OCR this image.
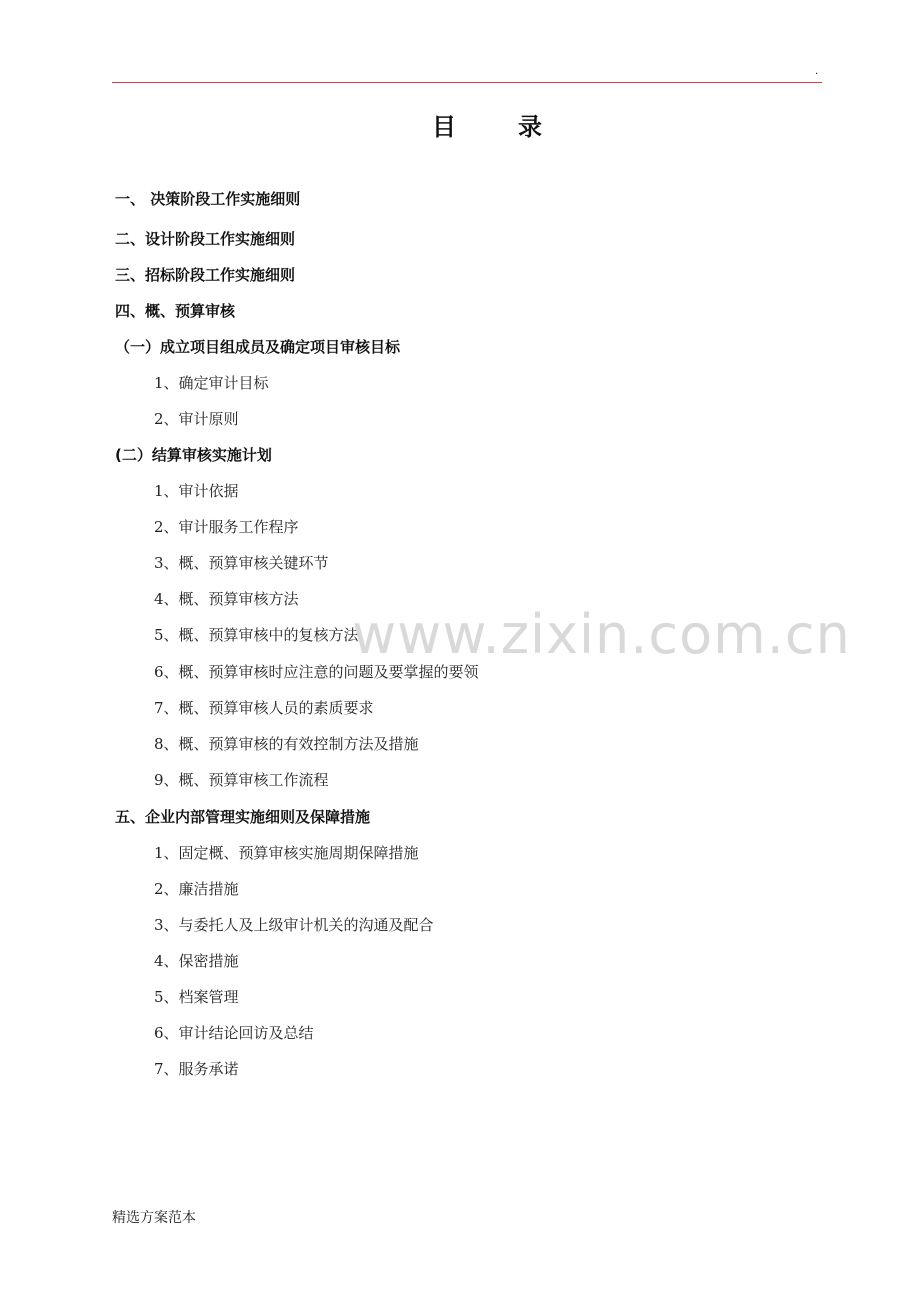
.
目	录
一、 决策阶段工作实施细则
二、设计阶段工作实施细则
三、招标阶段工作实施细则
四、概、预算审核
（一）成立项目组成员及确定项目审核目标
1、确定审计目标
2、审计原则
(二）结算审核实施计划
1、审计依据
2、审计服务工作程序
3、概、预算审核关键环节
4、概、预算审核方法
5、概、预算审核中的复核方法
6、概、预算审核时应注意的问题及要掌握的要领
7、概、预算审核人员的素质要求
8、概、预算审核的有效控制方法及措施
9、概、预算审核工作流程
五、企业内部管理实施细则及保障措施
1、固定概、预算审核实施周期保障措施
2、廉洁措施
3、与委托人及上级审计机关的沟通及配合
4、保密措施
5、档案管理
6、审计结论回访及总结
7、服务承诺
www.zixin.com.cn
精选方案范本
